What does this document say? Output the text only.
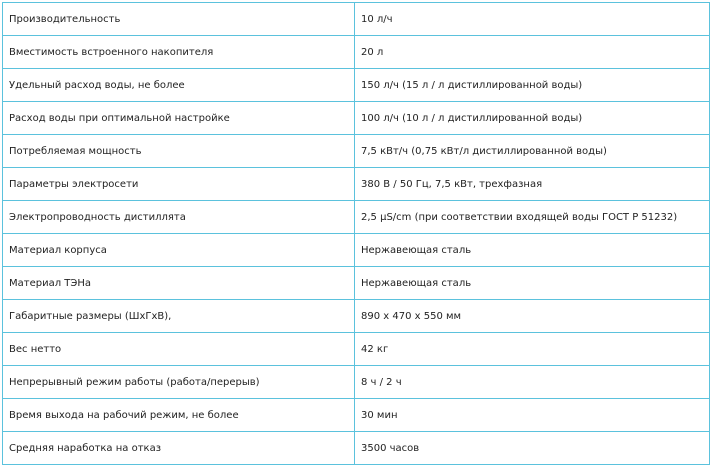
Производительность	10 л/ч
Вместимость встроенного накопителя	20 л
Удельный расход воды, не более	150 л/ч (15 л / л дистиллированной воды)
Расход воды при оптимальной настройке	100 л/ч (10 л / л дистиллированной воды)
Потребляемая мощность	7,5 кВт/ч (0,75 кВт/л дистиллированной воды)
Параметры электросети	380 В / 50 Гц, 7,5 кВт, трехфазная
Электропроводность дистиллята	2,5 μS/cm (при соответствии входящей воды ГОСТ Р 51232)
Материал корпуса	Нержавеющая сталь
Материал ТЭНа	Нержавеющая сталь
Габаритные размеры (ШхГхВ),	890 х 470 х 550 мм
Вес нетто	42 кг
Непрерывный режим работы (работа/перерыв)	8 ч / 2 ч
Время выхода на рабочий режим, не более	30 мин
Средняя наработка на отказ	3500 часов
